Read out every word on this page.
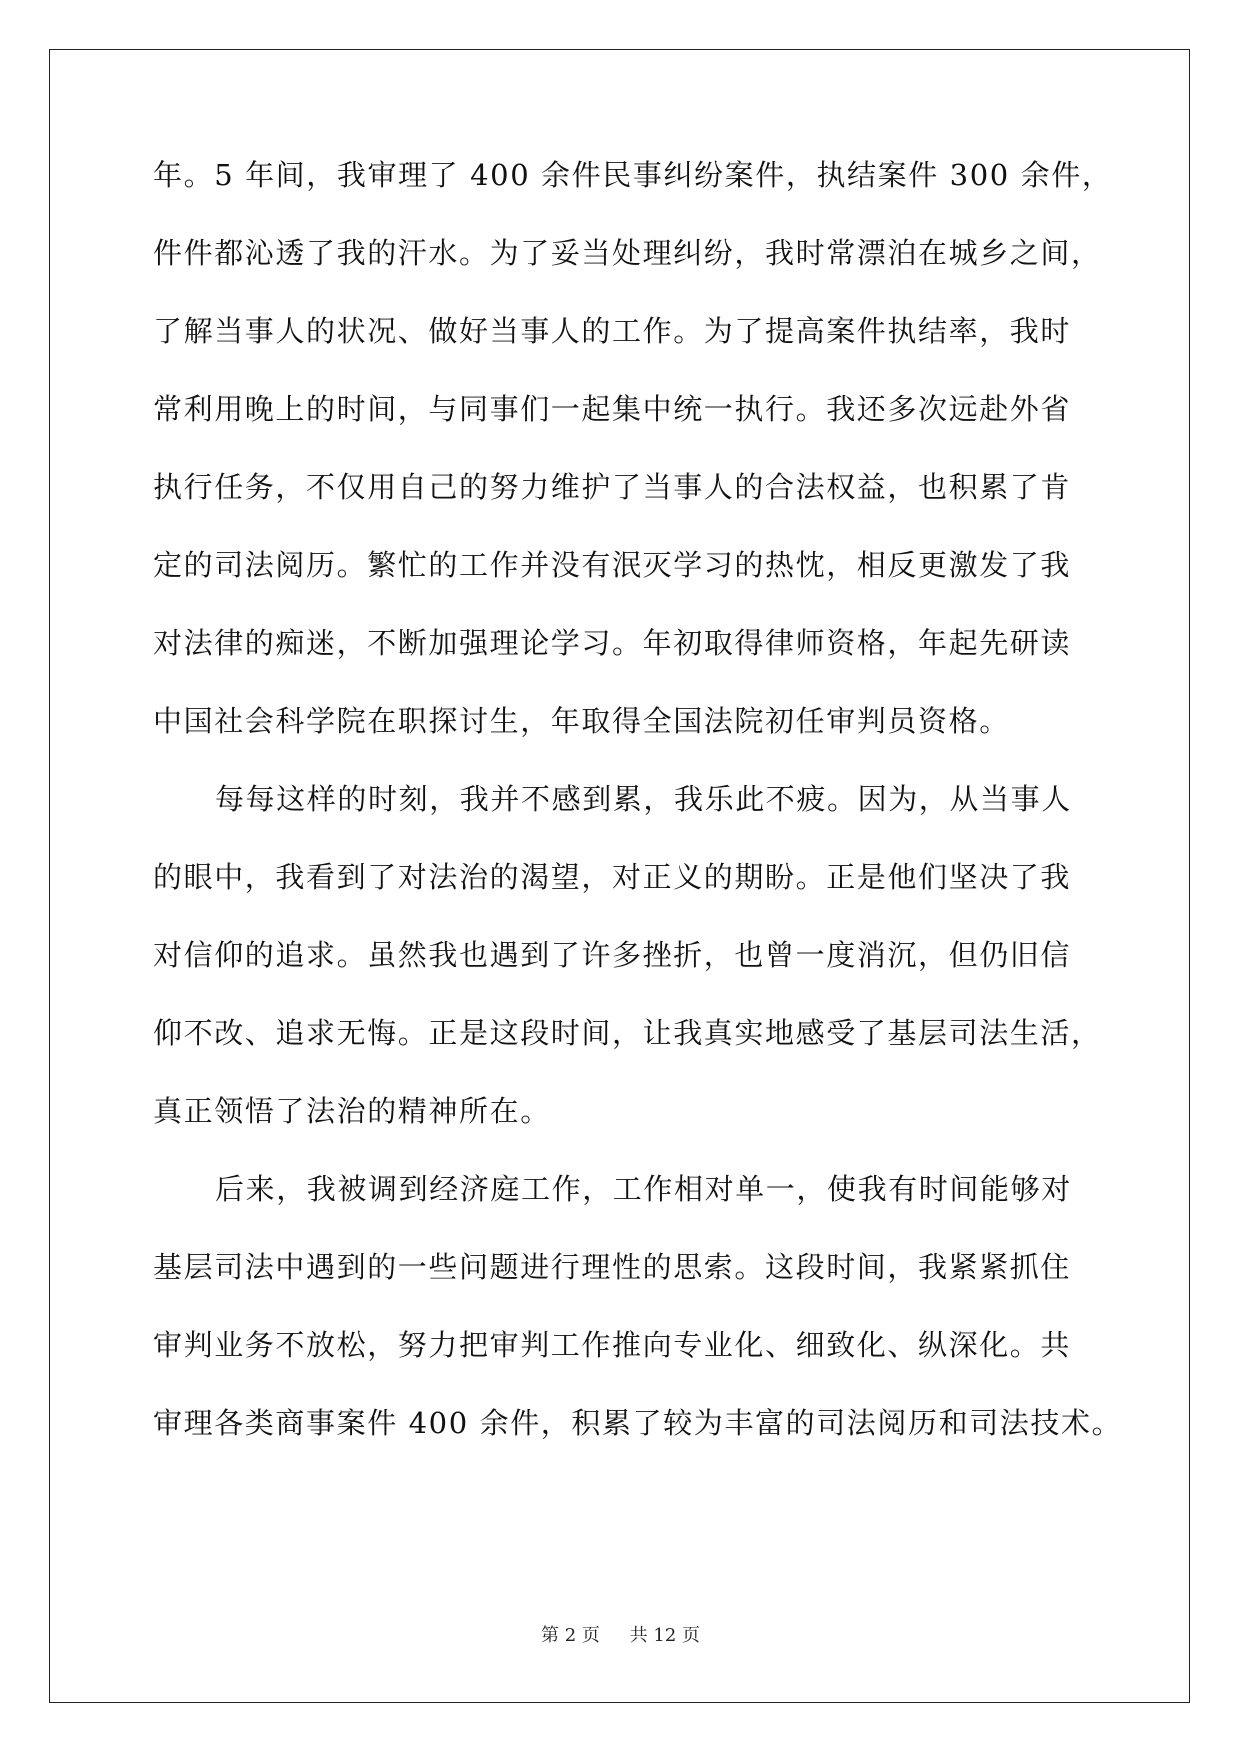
年。5 年间，我审理了 400 余件民事纠纷案件，执结案件 300 余件，
件件都沁透了我的汗水。为了妥当处理纠纷，我时常漂泊在城乡之间，
了解当事人的状况、做好当事人的工作。为了提高案件执结率，我时
常利用晚上的时间，与同事们一起集中统一执行。我还多次远赴外省
执行任务，不仅用自己的努力维护了当事人的合法权益，也积累了肯
定的司法阅历。繁忙的工作并没有泯灭学习的热忱，相反更激发了我
对法律的痴迷，不断加强理论学习。年初取得律师资格，年起先研读
中国社会科学院在职探讨生，年取得全国法院初任审判员资格。
每每这样的时刻，我并不感到累，我乐此不疲。因为，从当事人
的眼中，我看到了对法治的渴望，对正义的期盼。正是他们坚决了我
对信仰的追求。虽然我也遇到了许多挫折，也曾一度消沉，但仍旧信
仰不改、追求无悔。正是这段时间，让我真实地感受了基层司法生活，
真正领悟了法治的精神所在。
后来，我被调到经济庭工作，工作相对单一，使我有时间能够对
基层司法中遇到的一些问题进行理性的思索。这段时间，我紧紧抓住
审判业务不放松，努力把审判工作推向专业化、细致化、纵深化。共
审理各类商事案件 400 余件，积累了较为丰富的司法阅历和司法技术。
第 2 页 共 12 页
